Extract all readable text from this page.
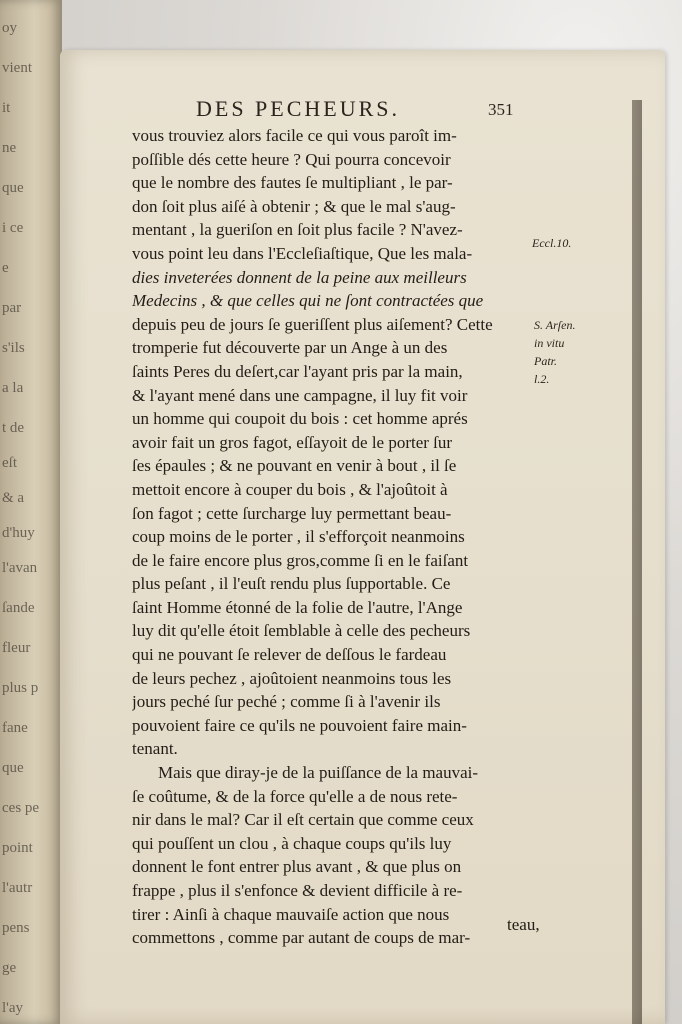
oy
vient
it
ne
que
i ce
e
par
s'ils
a la
t de
eſt
& a
d'huy
l'avan
ſande
fleur
plus p
fane
que
ces pe
point
l'autr
pens
ge
l'ay
DES PECHEURS.	351
vous trouviez alors facile ce qui vous paroît im-
poſſible dés cette heure ? Qui pourra concevoir
que le nombre des fautes ſe multipliant , le par-
don ſoit plus aiſé à obtenir ; & que le mal s'aug-
mentant , la gueriſon en ſoit plus facile ? N'avez-
vous point leu dans l'Eccleſiaſtique, Que les mala-
dies inveterées donnent de la peine aux meilleurs
Medecins , & que celles qui ne ſont contractées que
depuis peu de jours ſe gueriſſent plus aiſement? Cette
tromperie fut découverte par un Ange à un des
ſaints Peres du deſert,car l'ayant pris par la main,
& l'ayant mené dans une campagne, il luy fit voir
un homme qui coupoit du bois : cet homme aprés
avoir fait un gros fagot, eſſayoit de le porter ſur
ſes épaules ; & ne pouvant en venir à bout , il ſe
mettoit encore à couper du bois , & l'ajoûtoit à
ſon fagot ; cette ſurcharge luy permettant beau-
coup moins de le porter , il s'efforçoit neanmoins
de le faire encore plus gros,comme ſi en le faiſant
plus peſant , il l'euſt rendu plus ſupportable. Ce
ſaint Homme étonné de la folie de l'autre, l'Ange
luy dit qu'elle étoit ſemblable à celle des pecheurs
qui ne pouvant ſe relever de deſſous le fardeau
de leurs pechez , ajoûtoient neanmoins tous les
jours peché ſur peché ; comme ſi à l'avenir ils
pouvoient faire ce qu'ils ne pouvoient faire main-
tenant.
Mais que diray-je de la puiſſance de la mauvai-
ſe coûtume, & de la force qu'elle a de nous rete-
nir dans le mal? Car il eſt certain que comme ceux
qui pouſſent un clou , à chaque coups qu'ils luy
donnent le font entrer plus avant , & que plus on
frappe , plus il s'enfonce & devient difficile à re-
tirer : Ainſi à chaque mauvaiſe action que nous
commettons , comme par autant de coups de mar-
teau,
Eccl.10.
S. Arſen.
in vitu
Patr.
l.2.
